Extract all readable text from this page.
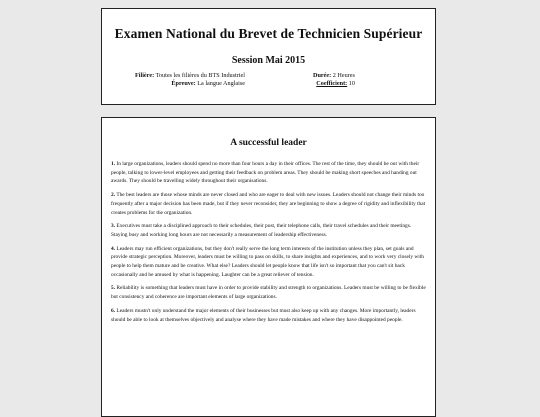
Examen National du Brevet de Technicien Supérieur
Session Mai 2015
Filière: Toutes les filières du BTS Industriel
Épreuve: La langue Anglaise
Durée: 2 Heures
Coefficient: 10
A successful leader

1. In large organizations, leaders should spend no more than four hours a day in their offices. The rest of the time, they should be out with their people, talking to lower-level employees and getting their feedback on problem areas. They should be making short speeches and handing out awards. They should be travelling widely throughout their organisations.

2. The best leaders are those whose minds are never closed and who are eager to deal with new issues. Leaders should not change their minds too frequently after a major decision has been made, but if they never reconsider, they are beginning to show a degree of rigidity and inflexibility that creates problems for the organization.

3. Executives must take a disciplined approach to their schedules, their post, their telephone calls, their travel schedules and their meetings. Staying busy and working long hours are not necessarily a measurement of leadership effectiveness.

4. Leaders may run efficient organizations, but they don't really serve the long term interests of the institution unless they plan, set goals and provide strategic perception. Moreover, leaders must be willing to pass on skills, to share insights and experiences, and to work very closely with people to help them mature and be creative. What else? Leaders should let people know that life isn't so important that you can't sit back occasionally and be amused by what is happening. Laughter can be a great reliever of tension.

5. Reliability is something that leaders must have in order to provide stability and strength to organizations. Leaders must be willing to be flexible but consistency and coherence are important elements of large organizations.

6. Leaders mustn't only understand the major elements of their businesses but must also keep up with any changes. More importantly, leaders should be able to look at themselves objectively and analyse where they have made mistakes and where they have disappointed people.
